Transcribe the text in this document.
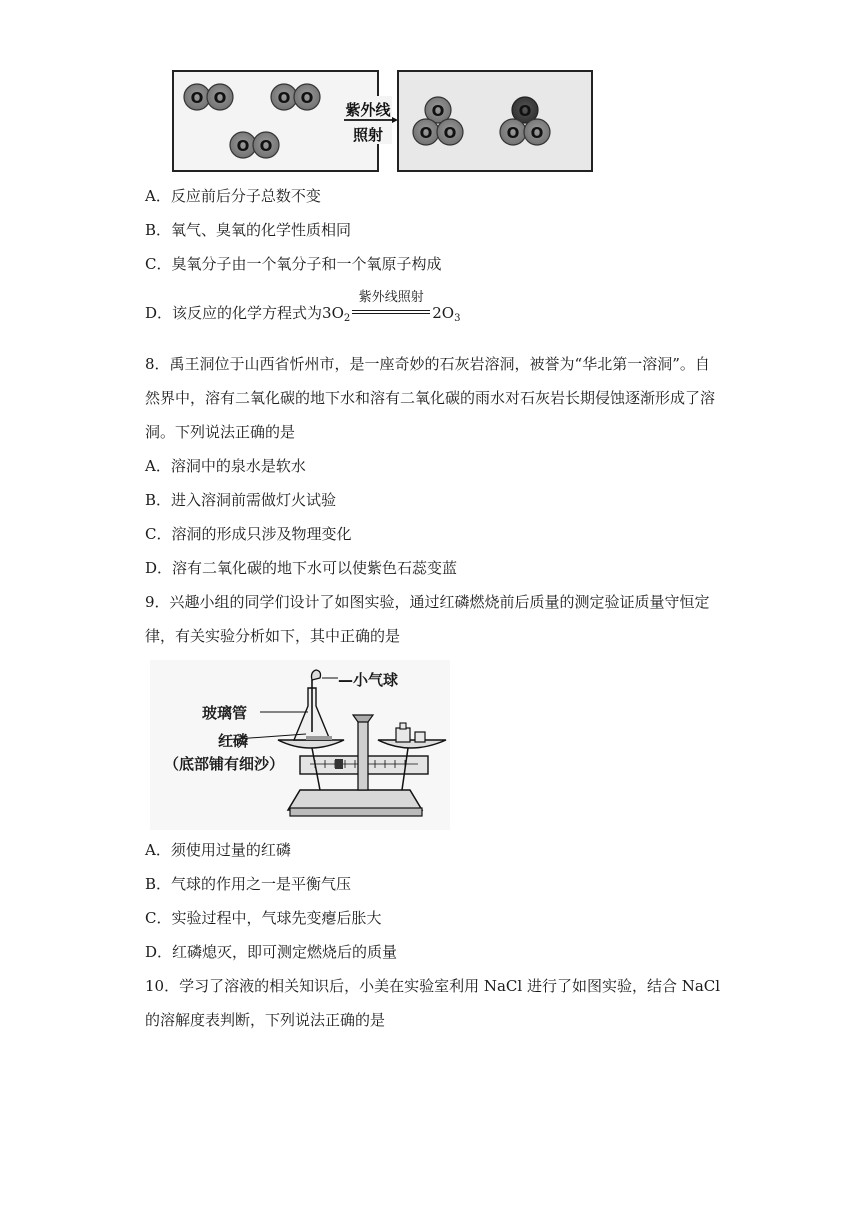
O O	O O
O O
O
O O
O
O O
紫外线
照射
A．反应前后分子总数不变
B．氧气、臭氧的化学性质相同
C．臭氧分子由一个氧分子和一个氧原子构成
D．该反应的化学方程式为$3O_2$
紫外线照射
$2O_3$
8．禹王洞位于山西省忻州市，是一座奇妙的石灰岩溶洞，被誉为“华北第一溶洞”。自
然界中，溶有二氧化碳的地下水和溶有二氧化碳的雨水对石灰岩长期侵蚀逐渐形成了溶
洞。下列说法正确的是
A．溶洞中的泉水是软水
B．进入溶洞前需做灯火试验
C．溶洞的形成只涉及物理变化
D．溶有二氧化碳的地下水可以使紫色石蕊变蓝
9．兴趣小组的同学们设计了如图实验，通过红磷燃烧前后质量的测定验证质量守恒定
律，有关实验分析如下，其中正确的是
—小气球
玻璃管
红磷
（底部铺有细沙）
A．须使用过量的红磷
B．气球的作用之一是平衡气压
C．实验过程中，气球先变瘪后胀大
D．红磷熄灭，即可测定燃烧后的质量
10．学习了溶液的相关知识后，小美在实验室利用 NaCl 进行了如图实验，结合 NaCl
的溶解度表判断，下列说法正确的是
